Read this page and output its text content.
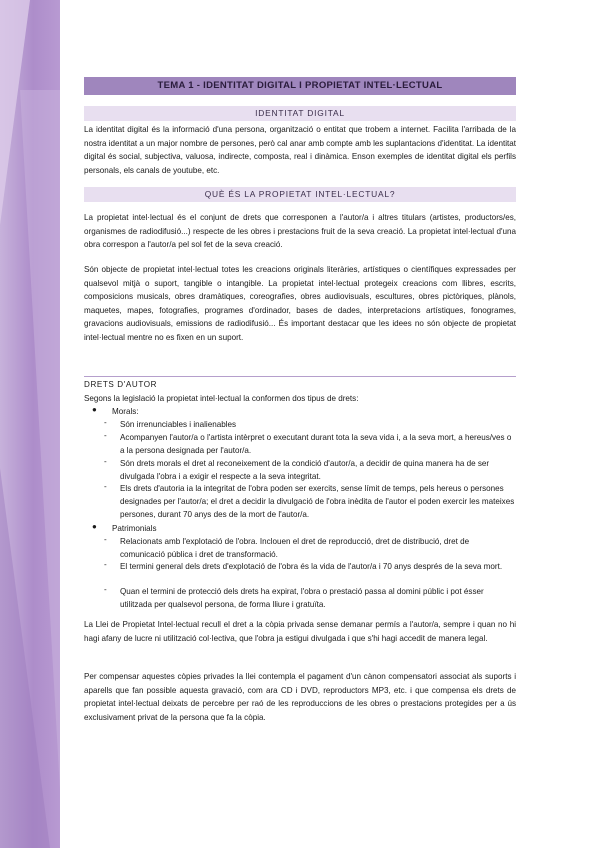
TEMA 1 - IDENTITAT DIGITAL I PROPIETAT INTEL·LECTUAL
IDENTITAT DIGITAL

La identitat digital és la informació d'una persona, organització o entitat que trobem a internet. Facilita l'arribada de la nostra identitat a un major nombre de persones, però cal anar amb compte amb les suplantacions d'identitat. La identitat digital és social, subjectiva, valuosa, indirecte, composta, real i dinàmica. Enson exemples de identitat digital els perfils personals, els canals de youtube, etc.

QUÈ ÉS LA PROPIETAT INTEL·LECTUAL?

La propietat intel·lectual és el conjunt de drets que corresponen a l'autor/a i altres titulars (artistes, productors/es, organismes de radiodifusió...) respecte de les obres i prestacions fruit de la seva creació. La propietat intel·lectual d'una obra correspon a l'autor/a pel sol fet de la seva creació.

Són objecte de propietat intel·lectual totes les creacions originals literàries, artístiques o científiques expressades per qualsevol mitjà o suport, tangible o intangible. La propietat intel·lectual protegeix creacions com llibres, escrits, composicions musicals, obres dramàtiques, coreografies, obres audiovisuals, escultures, obres pictòriques, plànols, maquetes, mapes, fotografies, programes d'ordinador, bases de dades, interpretacions artístiques, fonogrames, gravacions audiovisuals, emissions de radiodifusió... És important destacar que les idees no són objecte de propietat intel·lectual mentre no es fixen en un suport.

DRETS D'AUTOR
Segons la legislació la propietat intel·lectual la conformen dos tipus de drets:
● Morals:
- Són irrenunciables i inalienables
- Acompanyen l'autor/a o l'artista intèrpret o executant durant tota la seva vida i, a la seva mort, a hereus/ves o a la persona designada per l'autor/a.
- Són drets morals el dret al reconeixement de la condició d'autor/a, a decidir de quina manera ha de ser divulgada l'obra i a exigir el respecte a la seva integritat.
- Els drets d'autoria ia la integritat de l'obra poden ser exercits, sense límit de temps, pels hereus o persones designades per l'autor/a; el dret a decidir la divulgació de l'obra inèdita de l'autor el poden exercir les mateixes persones, durant 70 anys des de la mort de l'autor/a.
● Patrimonials
- Relacionats amb l'explotació de l'obra. Inclouen el dret de reproducció, dret de distribució, dret de comunicació pública i dret de transformació.
- El termini general dels drets d'explotació de l'obra és la vida de l'autor/a i 70 anys després de la seva mort.
- Quan el termini de protecció dels drets ha expirat, l'obra o prestació passa al domini públic i pot ésser utilitzada per qualsevol persona, de forma lliure i gratuïta.

La Llei de Propietat Intel·lectual recull el dret a la còpia privada sense demanar permís a l'autor/a, sempre i quan no hi hagi afany de lucre ni utilització col·lectiva, que l'obra ja estigui divulgada i que s'hi hagi accedit de manera legal.

Per compensar aquestes còpies privades la llei contempla el pagament d'un cànon compensatori associat als suports i aparells que fan possible aquesta gravació, com ara CD i DVD, reproductors MP3, etc. i que compensa els drets de propietat intel·lectual deixats de percebre per raó de les reproduccions de les obres o prestacions protegides per a ús exclusivament privat de la persona que fa la còpia.
